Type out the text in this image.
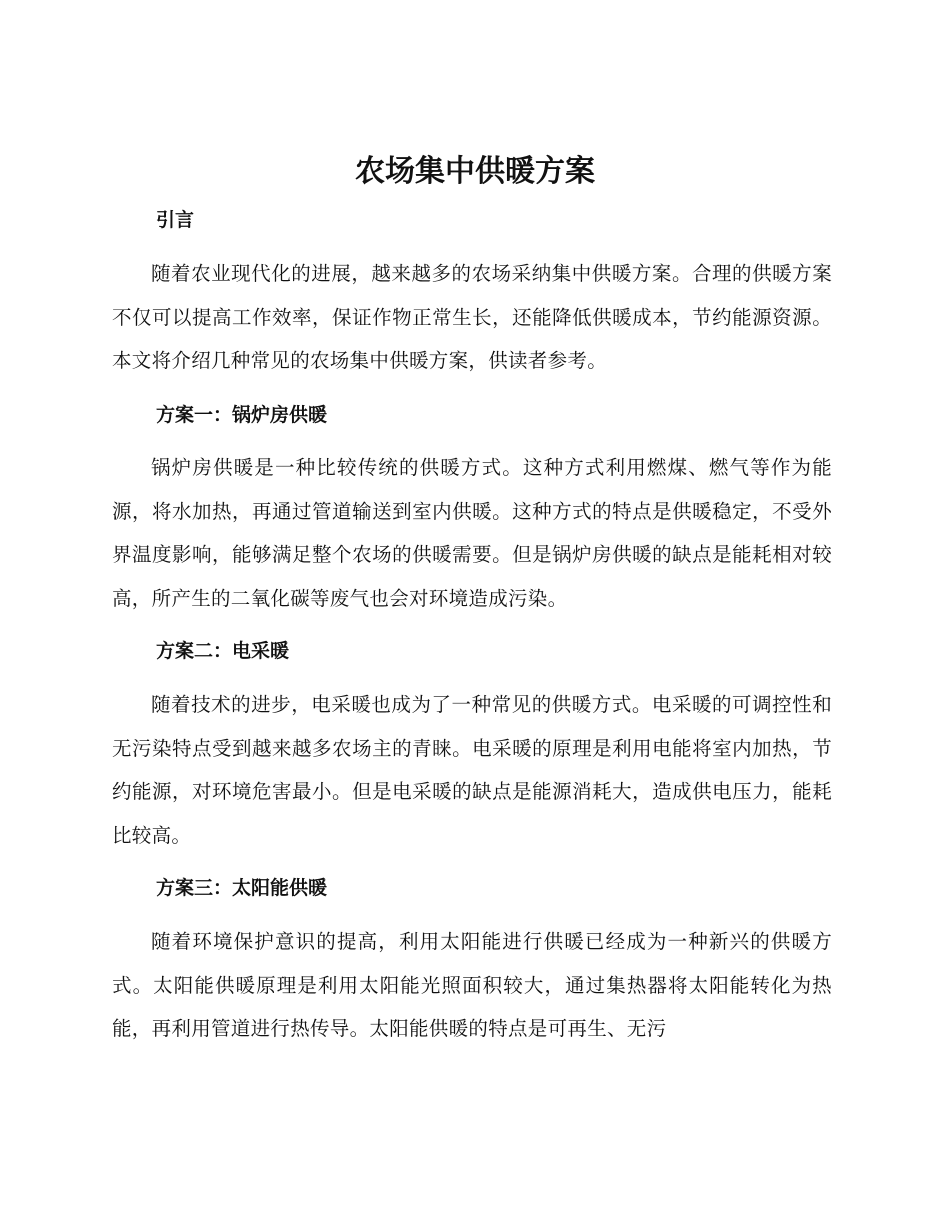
农场集中供暖方案
引言

随着农业现代化的进展，越来越多的农场采纳集中供暖方案。合理的供暖方案不仅可以提高工作效率，保证作物正常生长，还能降低供暖成本，节约能源资源。本文将介绍几种常见的农场集中供暖方案，供读者参考。

方案一：锅炉房供暖

锅炉房供暖是一种比较传统的供暖方式。这种方式利用燃煤、燃气等作为能源，将水加热，再通过管道输送到室内供暖。这种方式的特点是供暖稳定，不受外界温度影响，能够满足整个农场的供暖需要。但是锅炉房供暖的缺点是能耗相对较高，所产生的二氧化碳等废气也会对环境造成污染。

方案二：电采暖

随着技术的进步，电采暖也成为了一种常见的供暖方式。电采暖的可调控性和无污染特点受到越来越多农场主的青睐。电采暖的原理是利用电能将室内加热，节约能源，对环境危害最小。但是电采暖的缺点是能源消耗大，造成供电压力，能耗比较高。

方案三：太阳能供暖

随着环境保护意识的提高，利用太阳能进行供暖已经成为一种新兴的供暖方式。太阳能供暖原理是利用太阳能光照面积较大，通过集热器将太阳能转化为热能，再利用管道进行热传导。太阳能供暖的特点是可再生、无污
